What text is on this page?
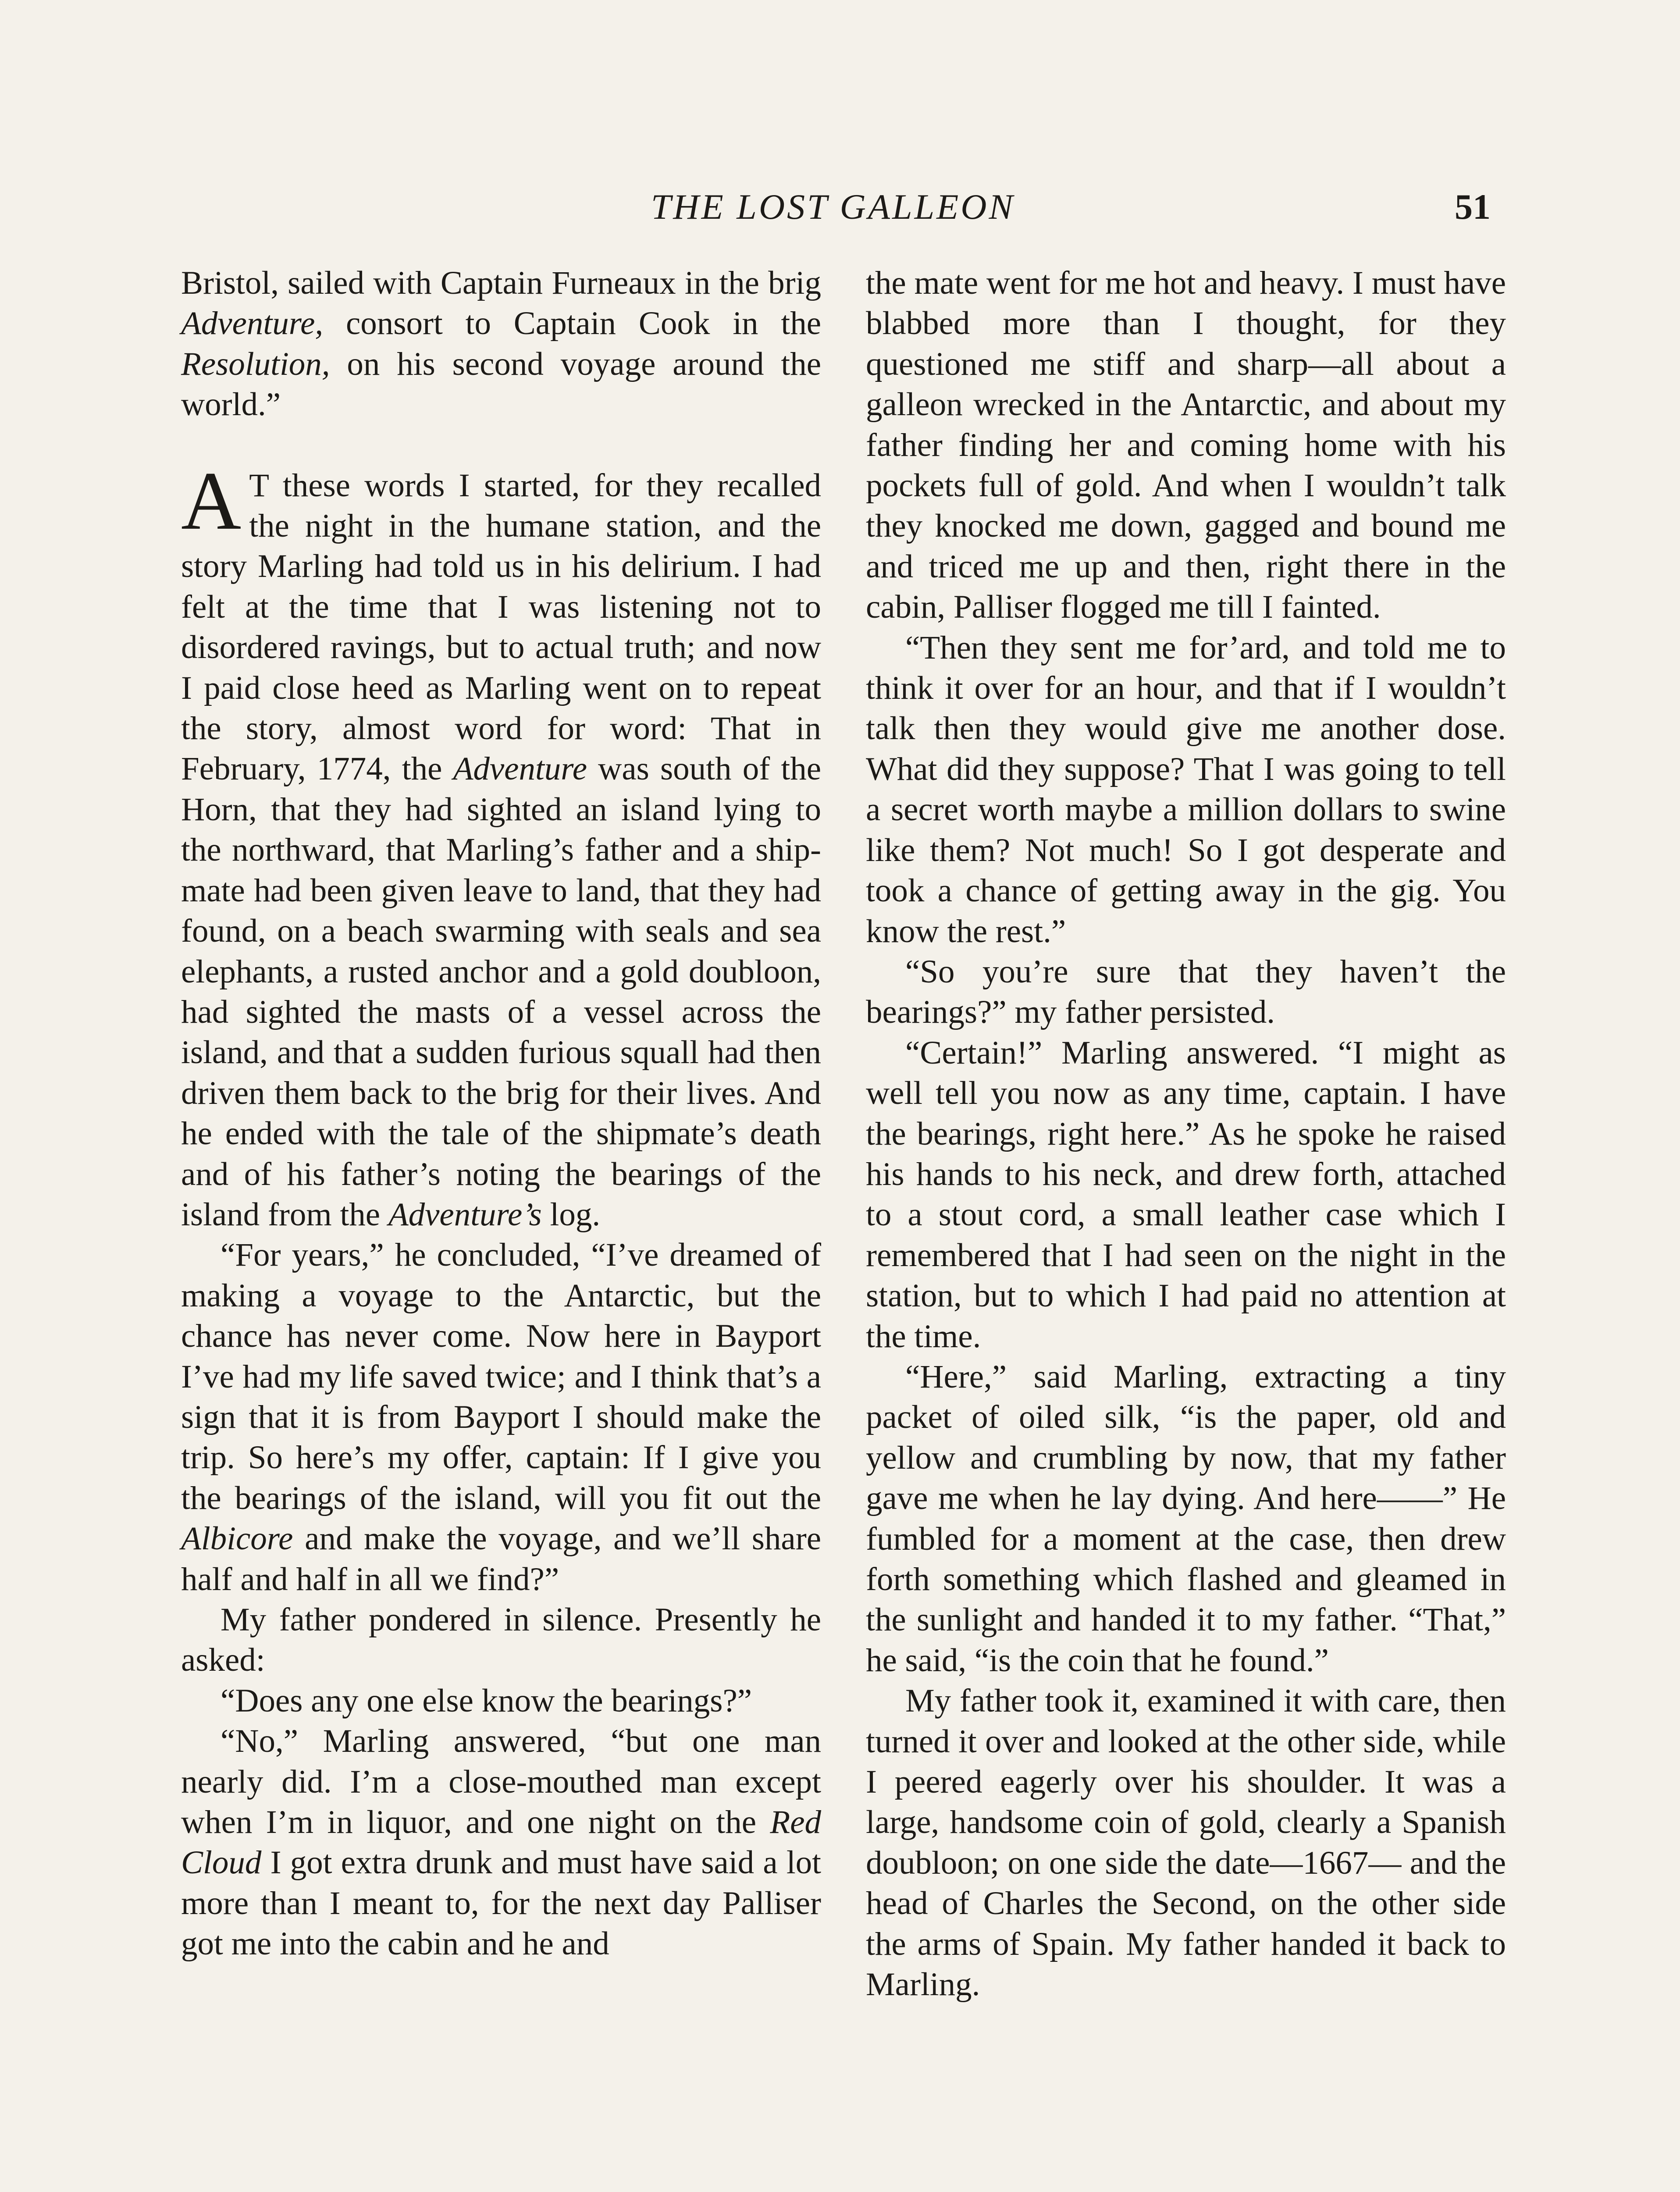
THE LOST GALLEON	51

Bristol, sailed with Captain Furneaux in the brig Adventure, consort to Captain Cook in the Resolution, on his second voyage around the world.”

A T these words I started, for they recalled the night in the humane station, and the story Marling had told us in his delirium. I had felt at the time that I was listening not to disordered ravings, but to actual truth; and now I paid close heed as Marling went on to repeat the story, almost word for word: That in February, 1774, the Adventure was south of the Horn, that they had sighted an island lying to the northward, that Marling’s father and a shipmate had been given leave to land, that they had found, on a beach swarming with seals and sea elephants, a rusted anchor and a gold doubloon, had sighted the masts of a vessel across the island, and that a sudden furious squall had then driven them back to the brig for their lives. And he ended with the tale of the shipmate’s death and of his father’s noting the bearings of the island from the Adventure’s log.

“For years,” he concluded, “I’ve dreamed of making a voyage to the Antarctic, but the chance has never come. Now here in Bayport I’ve had my life saved twice; and I think that’s a sign that it is from Bayport I should make the trip. So here’s my offer, captain: If I give you the bearings of the island, will you fit out the Albicore and make the voyage, and we’ll share half and half in all we find?”

My father pondered in silence. Presently he asked:

“Does any one else know the bearings?”

“No,” Marling answered, “but one man nearly did. I’m a close-mouthed man except when I’m in liquor, and one night on the Red Cloud I got extra drunk and must have said a lot more than I meant to, for the next day Palliser got me into the cabin and he and

the mate went for me hot and heavy. I must have blabbed more than I thought, for they questioned me stiff and sharp—all about a galleon wrecked in the Antarctic, and about my father finding her and coming home with his pockets full of gold. And when I wouldn’t talk they knocked me down, gagged and bound me and triced me up and then, right there in the cabin, Palliser flogged me till I fainted.

“Then they sent me for’ard, and told me to think it over for an hour, and that if I wouldn’t talk then they would give me another dose. What did they suppose? That I was going to tell a secret worth maybe a million dollars to swine like them? Not much! So I got desperate and took a chance of getting away in the gig. You know the rest.”

“So you’re sure that they haven’t the bearings?” my father persisted.

“Certain!” Marling answered. “I might as well tell you now as any time, captain. I have the bearings, right here.” As he spoke he raised his hands to his neck, and drew forth, attached to a stout cord, a small leather case which I remembered that I had seen on the night in the station, but to which I had paid no attention at the time.

“Here,” said Marling, extracting a tiny packet of oiled silk, “is the paper, old and yellow and crumbling by now, that my father gave me when he lay dying. And here——” He fumbled for a moment at the case, then drew forth something which flashed and gleamed in the sunlight and handed it to my father. “That,” he said, “is the coin that he found.”

My father took it, examined it with care, then turned it over and looked at the other side, while I peered eagerly over his shoulder. It was a large, handsome coin of gold, clearly a Spanish doubloon; on one side the date—1667— and the head of Charles the Second, on the other side the arms of Spain. My father handed it back to Marling.
